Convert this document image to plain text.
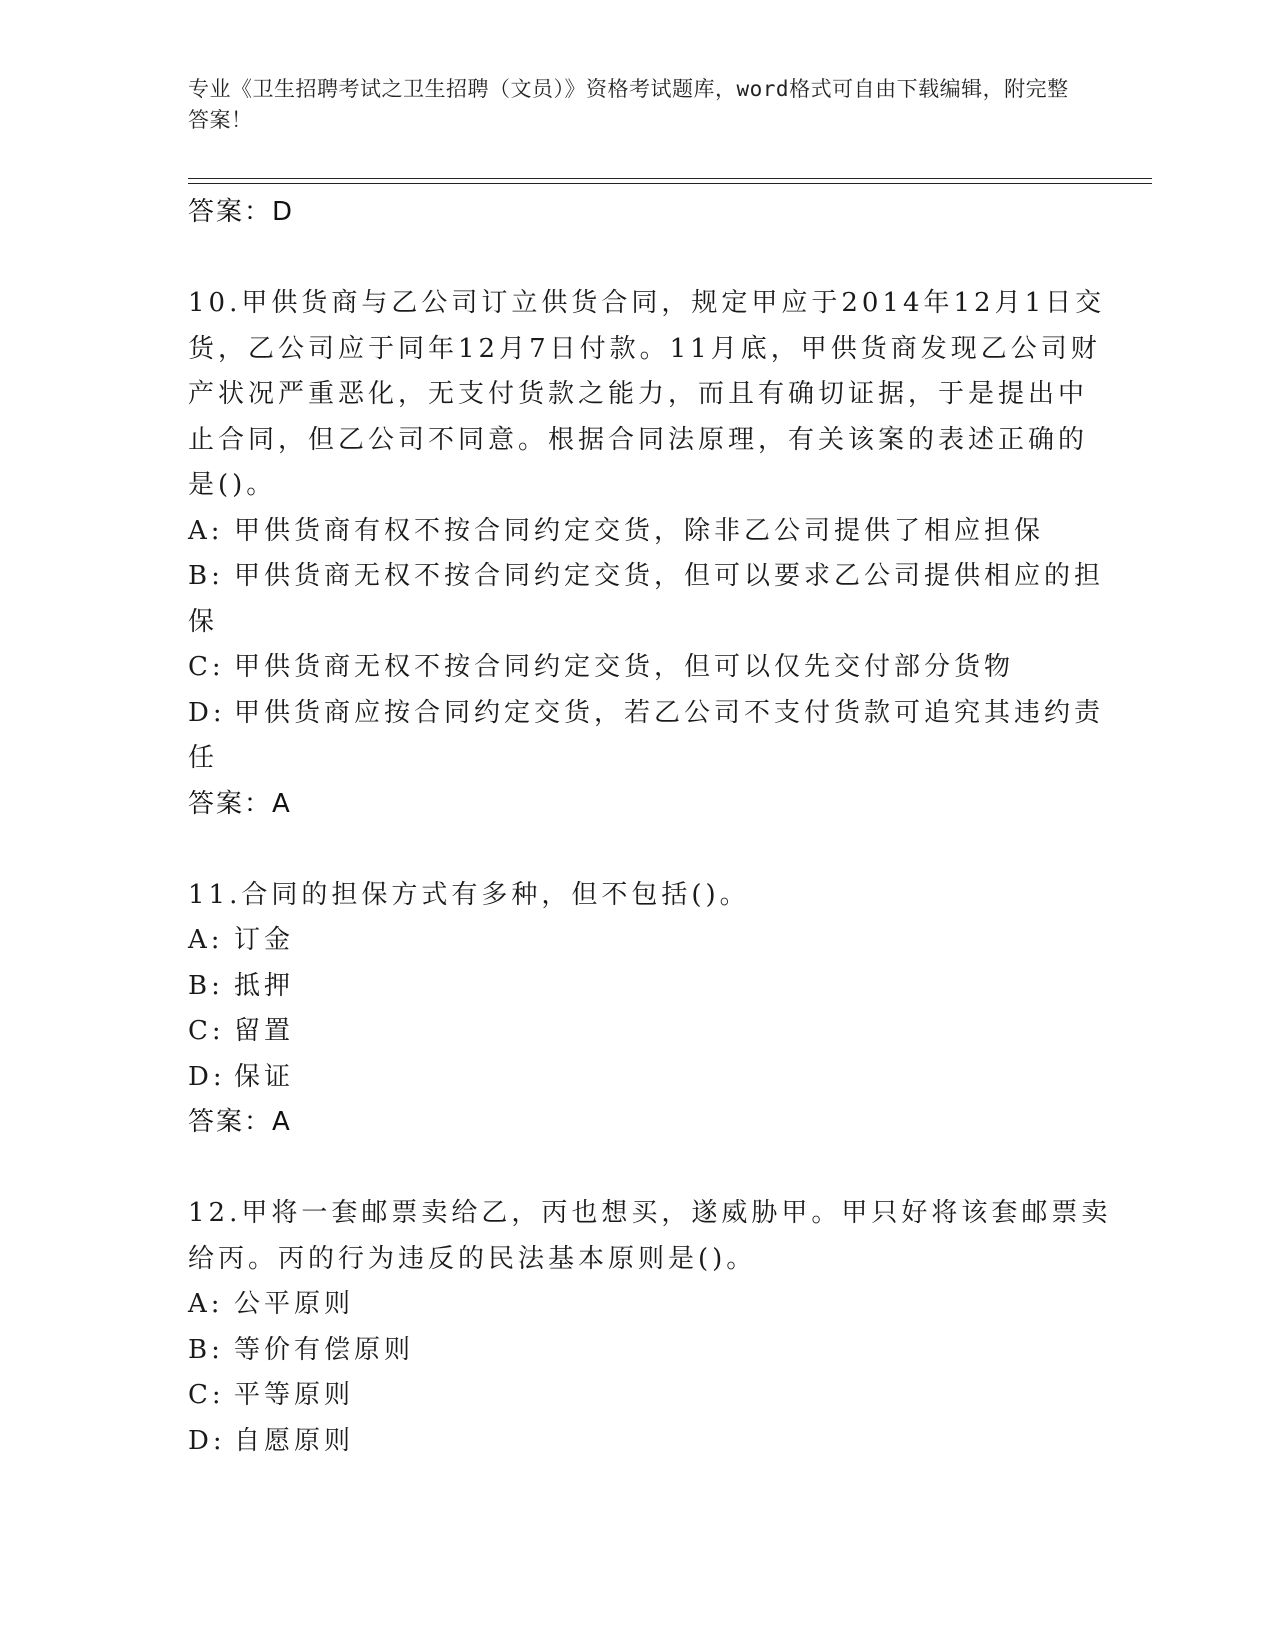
专业《卫生招聘考试之卫生招聘（文员）》资格考试题库，word格式可自由下载编辑，附完整答案！
答案：D
10.甲供货商与乙公司订立供货合同，规定甲应于2014年12月1日交
货，乙公司应于同年12月7日付款。11月底，甲供货商发现乙公司财
产状况严重恶化，无支付货款之能力，而且有确切证据，于是提出中
止合同，但乙公司不同意。根据合同法原理，有关该案的表述正确的
是()。
A: 甲供货商有权不按合同约定交货，除非乙公司提供了相应担保
B: 甲供货商无权不按合同约定交货，但可以要求乙公司提供相应的担
保
C: 甲供货商无权不按合同约定交货，但可以仅先交付部分货物
D: 甲供货商应按合同约定交货，若乙公司不支付货款可追究其违约责
任
答案：A
11.合同的担保方式有多种，但不包括()。
A: 订金
B: 抵押
C: 留置
D: 保证
答案：A
12.甲将一套邮票卖给乙，丙也想买，遂威胁甲。甲只好将该套邮票卖
给丙。丙的行为违反的民法基本原则是()。
A: 公平原则
B: 等价有偿原则
C: 平等原则
D: 自愿原则
